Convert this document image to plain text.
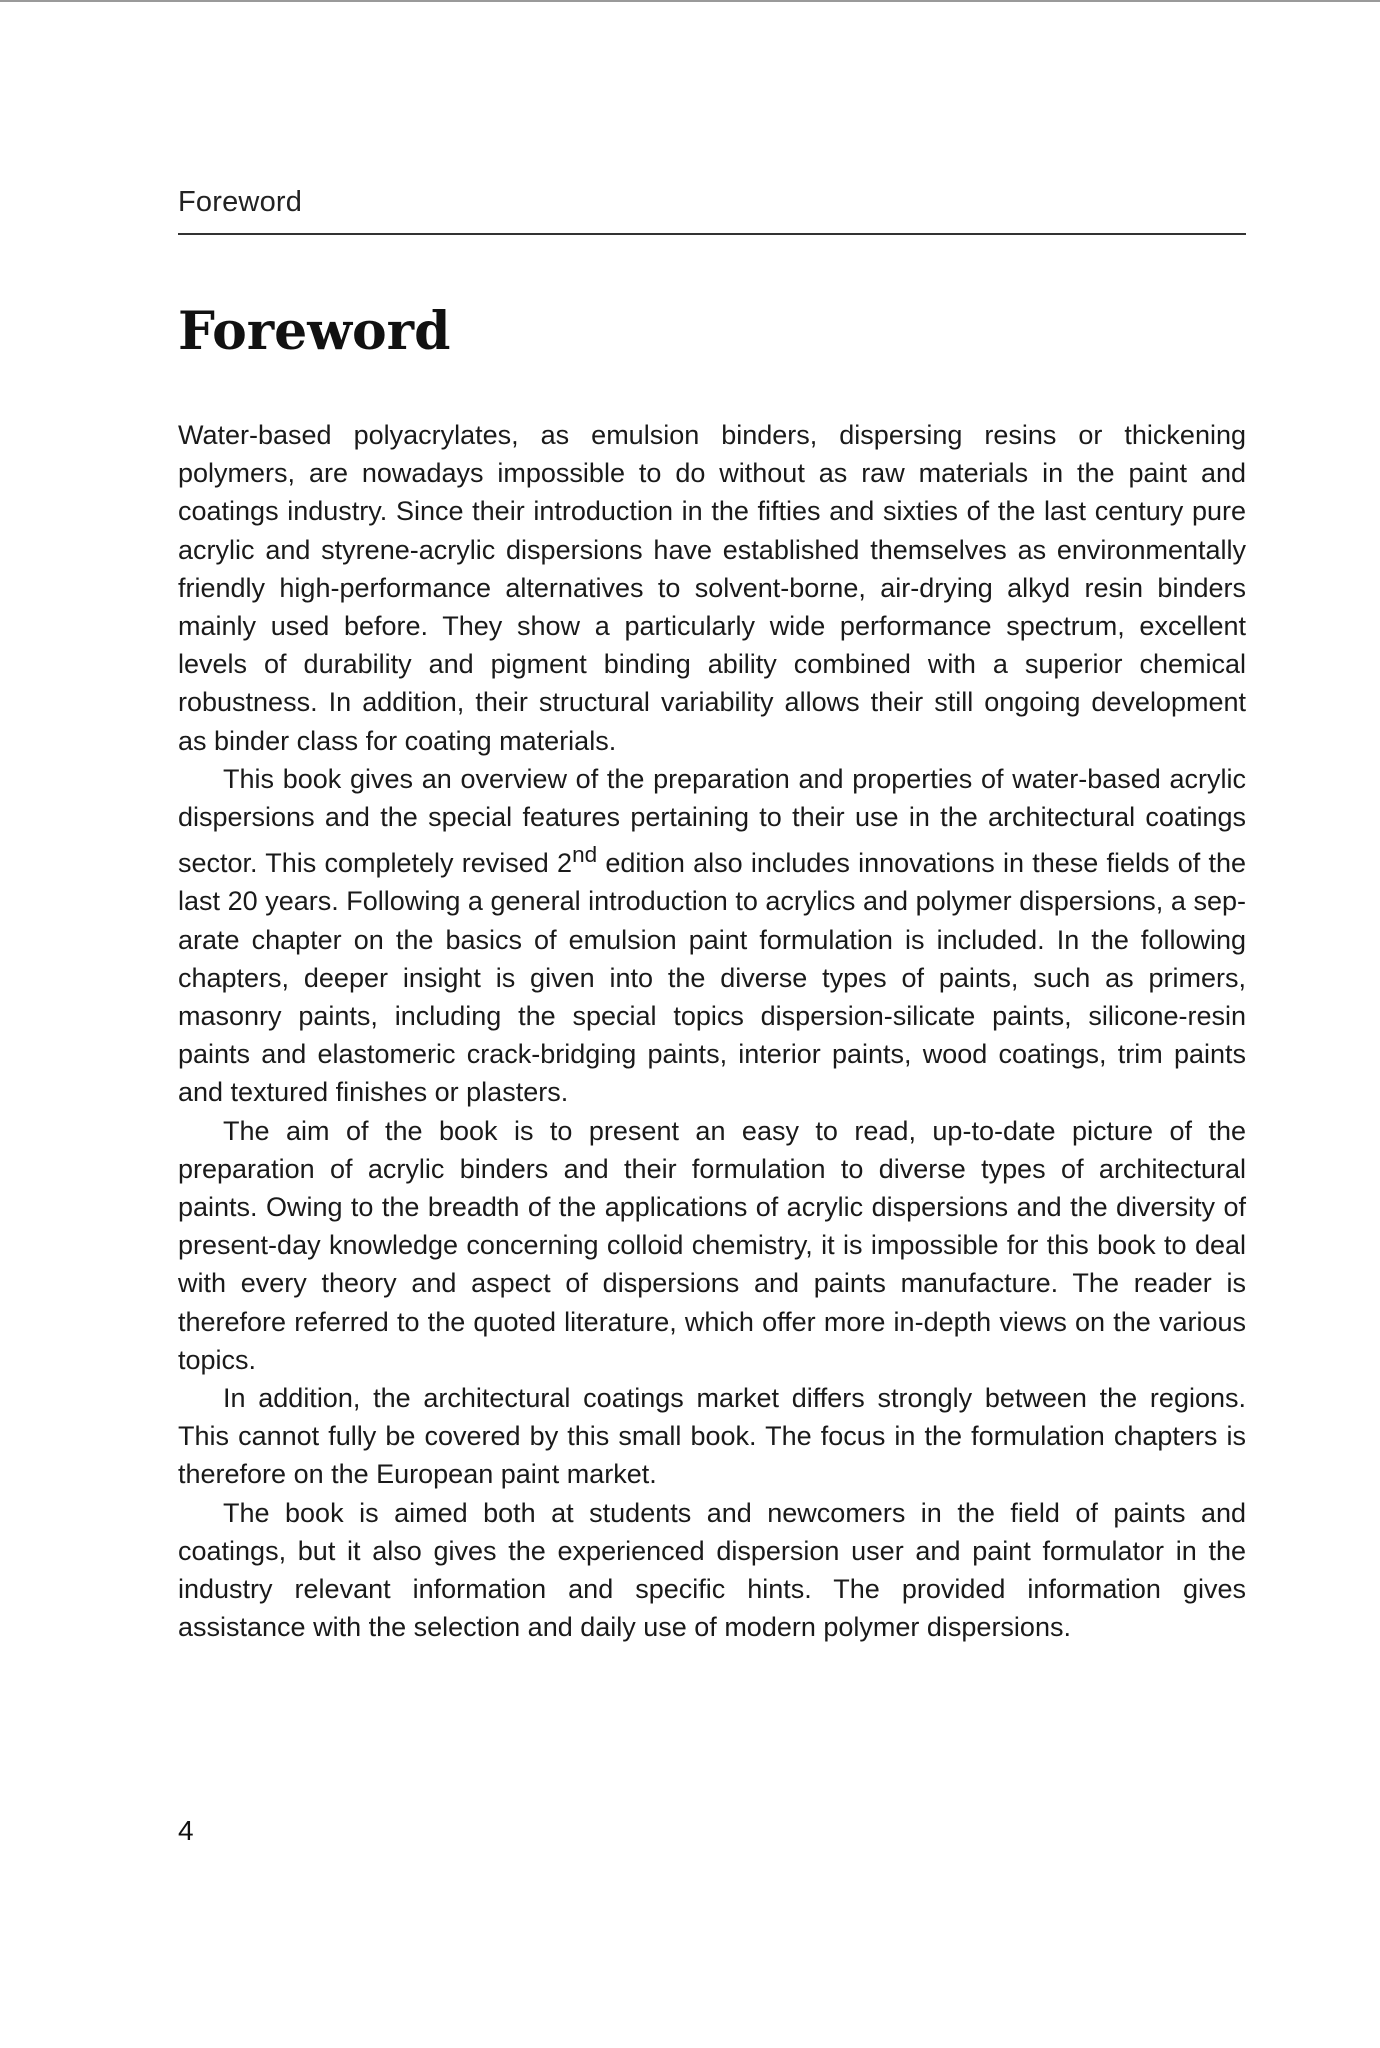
Foreword
Foreword

Water-based polyacrylates, as emulsion binders, dispersing resins or thickening polymers, are nowadays impossible to do without as raw materials in the paint and coatings industry. Since their introduction in the fifties and sixties of the last century pure acrylic and styrene-acrylic dispersions have established themselves as environmentally friendly high-performance alternatives to solvent-borne, air-drying alkyd resin binders mainly used before. They show a particularly wide performance spectrum, excellent levels of durability and pigment binding ability combined with a superior chemical robustness. In addition, their structural variability allows their still ongoing development as binder class for coating materials.

This book gives an overview of the preparation and properties of water-based acrylic dispersions and the special features pertaining to their use in the architectural coatings sector. This completely revised 2nd edition also includes innovations in these fields of the last 20 years. Following a general introduction to acrylics and polymer dispersions, a separate chapter on the basics of emulsion paint formulation is included. In the following chapters, deeper insight is given into the diverse types of paints, such as primers, masonry paints, including the special topics dispersion-silicate paints, silicone-resin paints and elastomeric crack-bridging paints, interior paints, wood coatings, trim paints and textured finishes or plasters.

The aim of the book is to present an easy to read, up-to-date picture of the preparation of acrylic binders and their formulation to diverse types of architectural paints. Owing to the breadth of the applications of acrylic dispersions and the diversity of present-day knowledge concerning colloid chemistry, it is impossible for this book to deal with every theory and aspect of dispersions and paints manufacture. The reader is therefore referred to the quoted literature, which offer more in-depth views on the various topics.

In addition, the architectural coatings market differs strongly between the regions. This cannot fully be covered by this small book. The focus in the formulation chapters is therefore on the European paint market.

The book is aimed both at students and newcomers in the field of paints and coatings, but it also gives the experienced dispersion user and paint formulator in the industry relevant information and specific hints. The provided information gives assistance with the selection and daily use of modern polymer dispersions.

4
